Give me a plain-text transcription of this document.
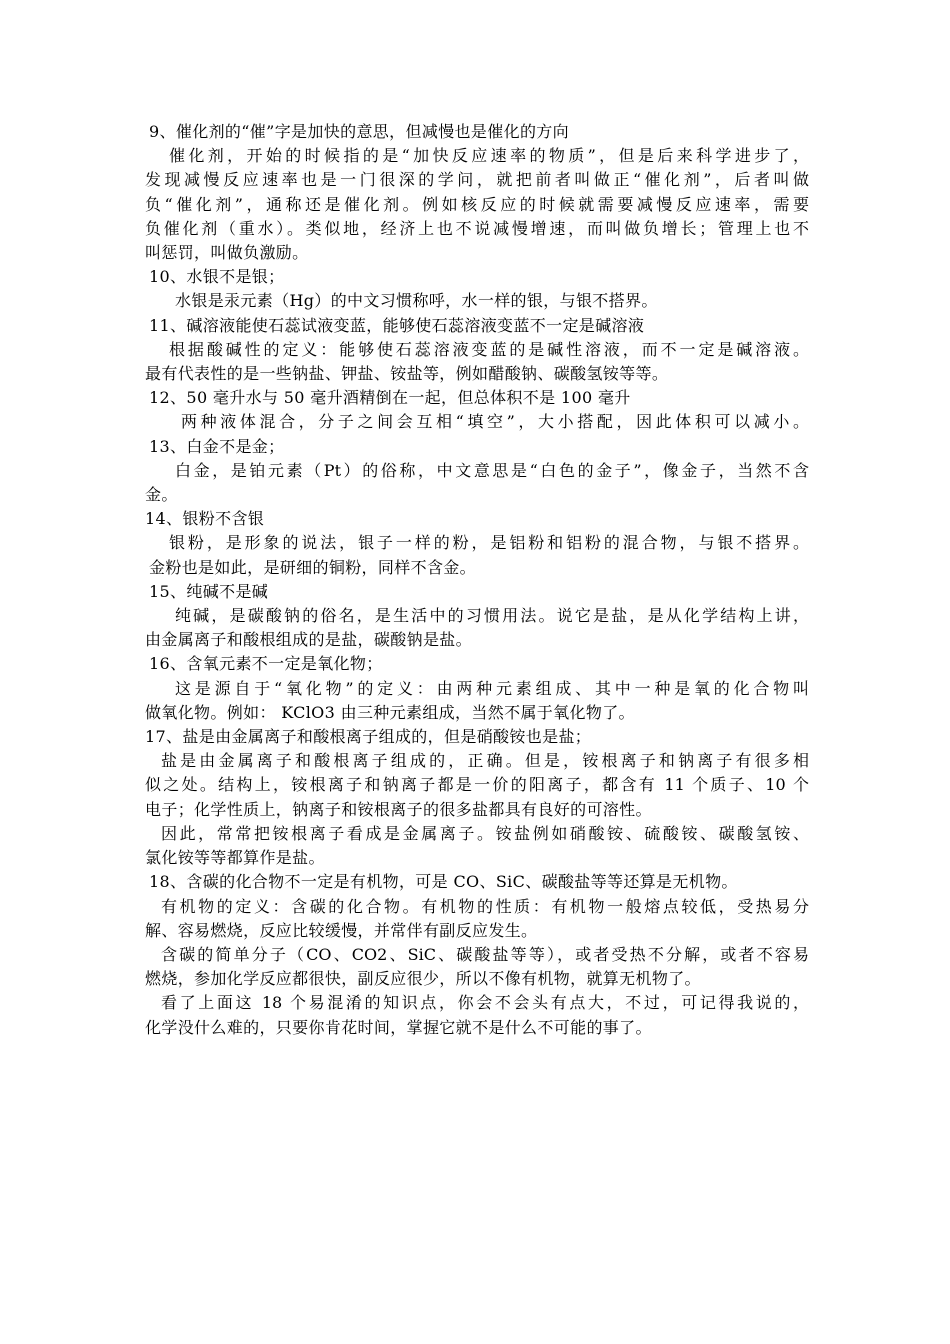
9、催化剂的“催”字是加快的意思，但减慢也是催化的方向
催化剂，开始的时候指的是“加快反应速率的物质”，但是后来科学进步了，
发现减慢反应速率也是一门很深的学问，就把前者叫做正“催化剂”，后者叫做
负“催化剂”，通称还是催化剂。例如核反应的时候就需要减慢反应速率，需要
负催化剂（重水）。类似地，经济上也不说减慢增速，而叫做负增长；管理上也不
叫惩罚，叫做负激励。
10、水银不是银；
水银是汞元素（Hg）的中文习惯称呼，水一样的银，与银不搭界。
11、碱溶液能使石蕊试液变蓝，能够使石蕊溶液变蓝不一定是碱溶液
根据酸碱性的定义：能够使石蕊溶液变蓝的是碱性溶液，而不一定是碱溶液。
最有代表性的是一些钠盐、钾盐、铵盐等，例如醋酸钠、碳酸氢铵等等。
12、50 毫升水与 50 毫升酒精倒在一起，但总体积不是 100 毫升
两种液体混合，分子之间会互相“填空”，大小搭配，因此体积可以减小。
13、白金不是金；
白金，是铂元素（Pt）的俗称，中文意思是“白色的金子”，像金子，当然不含
金。
14、银粉不含银
银粉，是形象的说法，银子一样的粉，是铝粉和铝粉的混合物，与银不搭界。
金粉也是如此，是研细的铜粉，同样不含金。
15、纯碱不是碱
纯碱，是碳酸钠的俗名，是生活中的习惯用法。说它是盐，是从化学结构上讲，
由金属离子和酸根组成的是盐，碳酸钠是盐。
16、含氧元素不一定是氧化物；
这是源自于“氧化物”的定义：由两种元素组成、其中一种是氧的化合物叫
做氧化物。例如： KClO3 由三种元素组成，当然不属于氧化物了。
17、盐是由金属离子和酸根离子组成的，但是硝酸铵也是盐；
盐是由金属离子和酸根离子组成的，正确。但是，铵根离子和钠离子有很多相
似之处。结构上，铵根离子和钠离子都是一价的阳离子，都含有 11 个质子、10 个
电子；化学性质上，钠离子和铵根离子的很多盐都具有良好的可溶性。
因此，常常把铵根离子看成是金属离子。铵盐例如硝酸铵、硫酸铵、碳酸氢铵、
氯化铵等等都算作是盐。
18、含碳的化合物不一定是有机物，可是 CO、SiC、碳酸盐等等还算是无机物。
有机物的定义：含碳的化合物。有机物的性质：有机物一般熔点较低，受热易分
解、容易燃烧，反应比较缓慢，并常伴有副反应发生。
含碳的简单分子（CO、CO2、SiC、碳酸盐等等），或者受热不分解，或者不容易
燃烧，参加化学反应都很快，副反应很少，所以不像有机物，就算无机物了。
看了上面这 18 个易混淆的知识点，你会不会头有点大，不过，可记得我说的，
化学没什么难的，只要你肯花时间，掌握它就不是什么不可能的事了。
